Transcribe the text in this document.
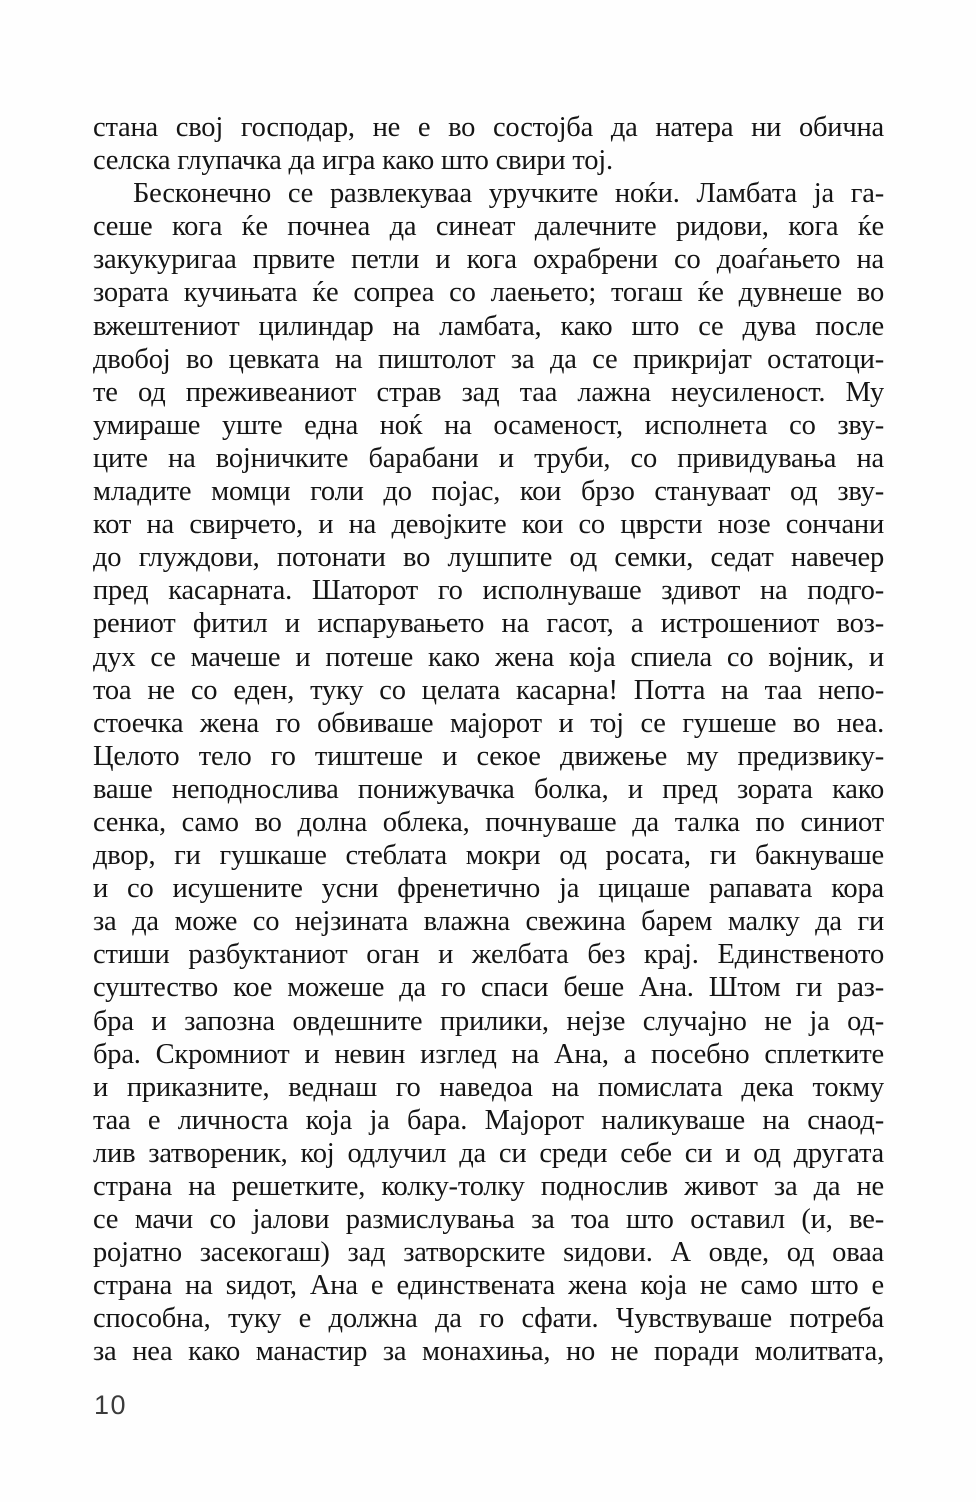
стана свој господар, не е во состојба да натера ни обична
селска глупачка да игра како што свири тој.
Бесконечно се развлекуваа уручките ноќи. Ламбата ја га-
сеше кога ќе почнеа да синеат далечните ридови, кога ќе
закукуригаа првите петли и кога охрабрени со доаѓањето на
зората кучињата ќе сопреа со лаењето; тогаш ќе дувнеше во
вжештениот цилиндар на ламбата, како што се дува после
двобој во цевката на пиштолот за да се прикријат остатоци-
те од преживеаниот страв зад таа лажна неусиленост. Му
умираше уште една ноќ на осаменост, исполнета со зву-
ците на војничките барабани и труби, со привидувања на
младите момци голи до појас, кои брзо стануваат од зву-
кот на свирчето, и на девојките кои со цврсти нозе сончани
до глуждови, потонати во лушпите од семки, седат навечер
пред касарната. Шаторот го исполнуваше здивот на подго-
рениот фитил и испарувањето на гасот, а истрошениот воз-
дух се мачеше и потеше како жена која спиела со војник, и
тоа не со еден, туку со целата касарна! Потта на таа непо-
стоечка жена го обвиваше мајорот и тој се гушеше во неа.
Целото тело го тиштеше и секое движење му предизвику-
ваше неподнослива понижувачка болка, и пред зората како
сенка, само во долна облека, почнуваше да талка по синиот
двор, ги гушкаше стеблата мокри од росата, ги бакнуваше
и со исушените усни френетично ја цицаше рапавата кора
за да може со нејзината влажна свежина барем малку да ги
стиши разбуктаниот оган и желбата без крај. Единственото
суштество кое можеше да го спаси беше Ана. Штом ги раз-
бра и запозна овдешните прилики, нејзе случајно не ја од-
бра. Скромниот и невин изглед на Ана, а посебно сплетките
и приказните, веднаш го наведоа на помислата дека токму
таа е личноста која ја бара. Мајорот наликуваше на снаод-
лив затвореник, кој одлучил да си среди себе си и од другата
страна на решетките, колку-толку поднослив живот за да не
се мачи со јалови размислувања за тоа што оставил (и, ве-
ројатно засекогаш) зад затворските ѕидови. А овде, од оваа
страна на ѕидот, Ана е единствената жена која не само што е
способна, туку е должна да го сфати. Чувствуваше потреба
за неа како манастир за монахиња, но не поради молитвата,
10
